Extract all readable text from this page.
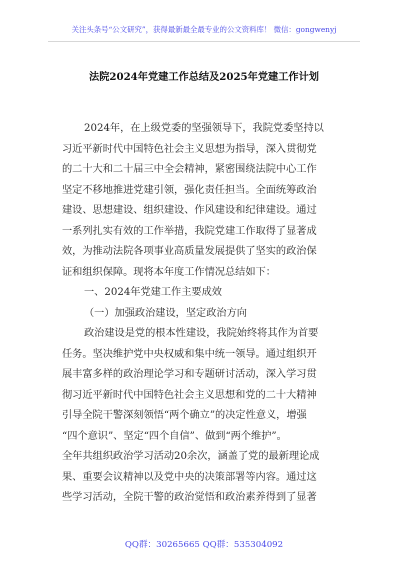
关注头条号“公文研究”，获得最新最全最专业的公文资料库！ 微信：gongwenyj
法院2024年党建工作总结及2025年党建工作计划
2024年，在上级党委的坚强领导下，我院党委坚持以
习近平新时代中国特色社会主义思想为指导，深入贯彻党
的二十大和二十届三中全会精神，紧密围绕法院中心工作
坚定不移地推进党建引领，强化责任担当。全面统筹政治
建设、思想建设、组织建设、作风建设和纪律建设。通过
一系列扎实有效的工作举措，我院党建工作取得了显著成
效，为推动法院各项事业高质量发展提供了坚实的政治保
证和组织保障。现将本年度工作情况总结如下：
一、2024年党建工作主要成效
（一）加强政治建设，坚定政治方向
政治建设是党的根本性建设，我院始终将其作为首要
任务。坚决维护党中央权威和集中统一领导。通过组织开
展丰富多样的政治理论学习和专题研讨活动，深入学习贯
彻习近平新时代中国特色社会主义思想和党的二十大精神
引导全院干警深刻领悟“两个确立”的决定性意义，增强
“四个意识”、坚定“四个自信”、做到“两个维护”。
全年共组织政治学习活动20余次，涵盖了党的最新理论成
果、重要会议精神以及党中央的决策部署等内容。通过这
些学习活动，全院干警的政治觉悟和政治素养得到了显著
QQ群：30265665 QQ群：535304092
